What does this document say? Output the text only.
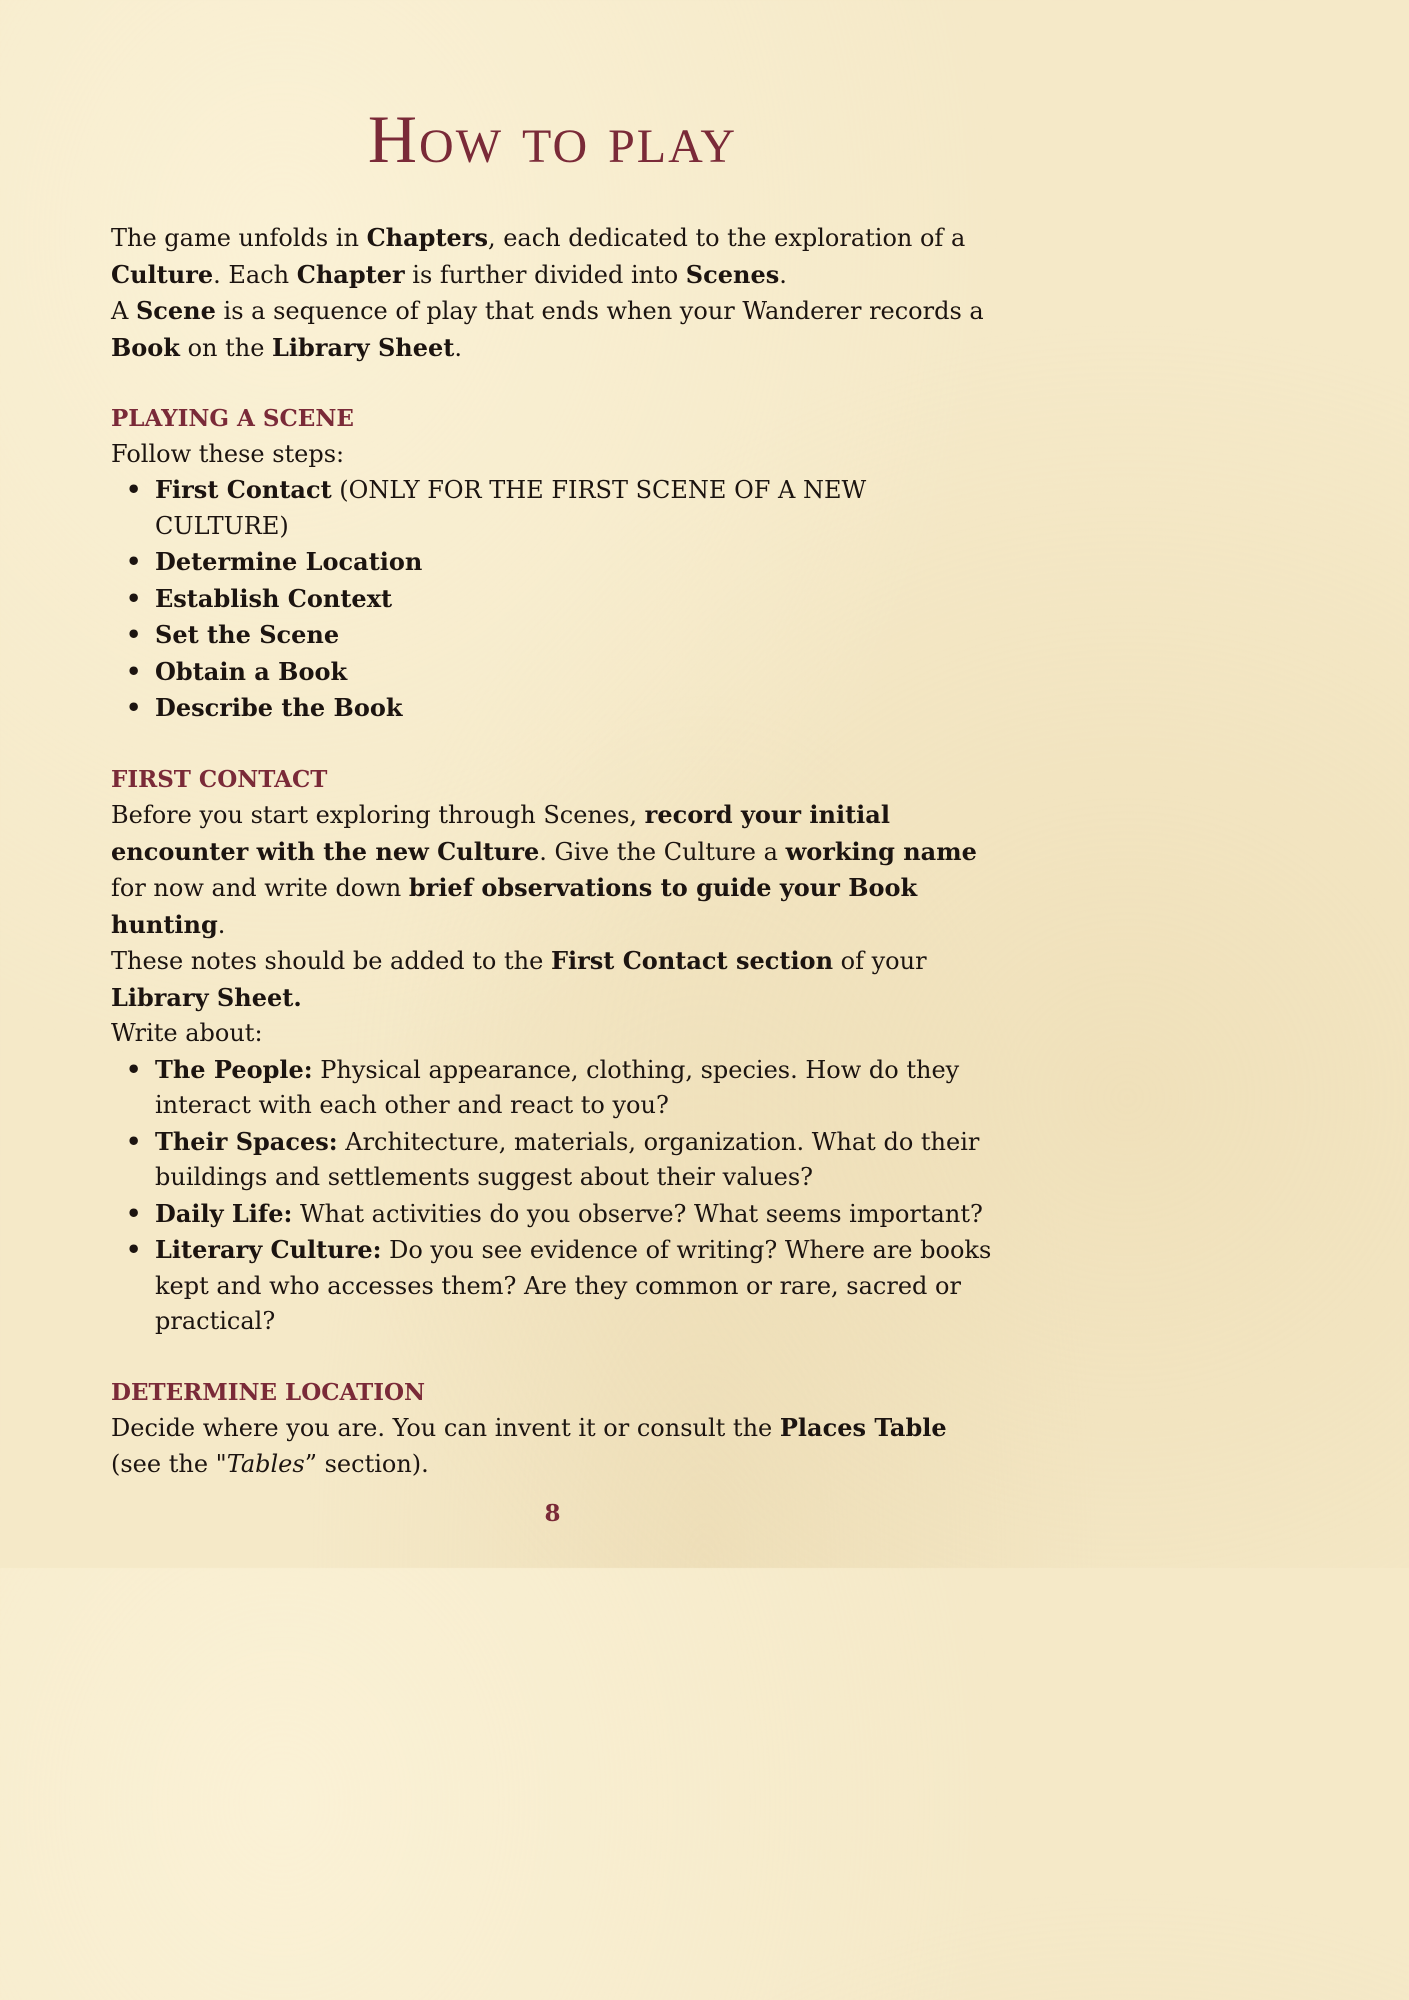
How to play

The game unfolds in Chapters, each dedicated to the exploration of a Culture. Each Chapter is further divided into Scenes.

A Scene is a sequence of play that ends when your Wanderer records a Book on the Library Sheet.

PLAYING A SCENE

Follow these steps:

• First Contact (ONLY FOR THE FIRST SCENE OF A NEW CULTURE)
• Determine Location
• Establish Context
• Set the Scene
• Obtain a Book
• Describe the Book
FIRST CONTACT

Before you start exploring through Scenes, record your initial encounter with the new Culture. Give the Culture a working name for now and write down brief observations to guide your Book hunting.

These notes should be added to the First Contact section of your Library Sheet.

Write about:

• The People: Physical appearance, clothing, species. How do they interact with each other and react to you?
• Their Spaces: Architecture, materials, organization. What do their buildings and settlements suggest about their values?
• Daily Life: What activities do you observe? What seems important?
• Literary Culture: Do you see evidence of writing? Where are books kept and who accesses them? Are they common or rare, sacred or practical?
DETERMINE LOCATION

Decide where you are. You can invent it or consult the Places Table (see the "Tables” section).

8
